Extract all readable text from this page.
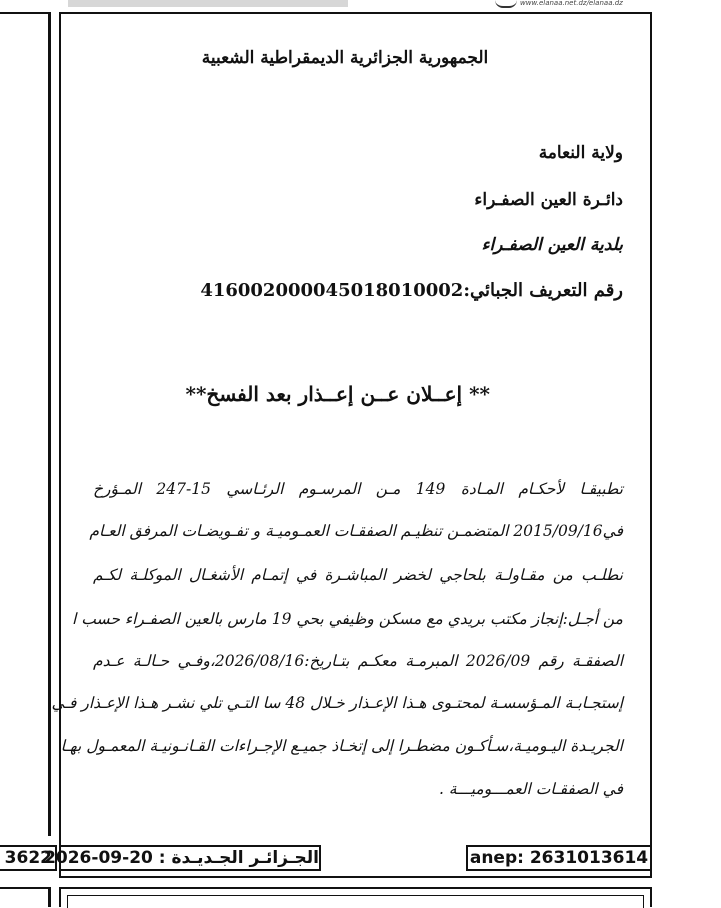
www.elanaa.net.dz/elanaa.dz
الجمهورية الجزائرية الديمقراطية الشعبية
ولاية النعامة
دائـرة العين الصفـراء
بلدية العين الصفـراء
رقم التعريف الجبائي:416002000045018010002
** إعــلان عــن إعــذار بعد الفسخ**
تطبيقـا لأحكـام المـادة 149 مـن المرسـوم الرئـاسي 15-247 المـؤرخ
في2015/09/16 المتضمـن تنظيـم الصفقـات العمـوميـة و تفـويضـات المرفق العـام
نطلـب من مقـاولـة بلحاجي لخضر المباشـرة في إتمـام الأشغـال الموكلـة لكـم
من أجـل:إنجاز مكتب بريدي مع مسكن وظيفي بحي 19 مارس بالعين الصفـراء حسب ا
الصفقـة رقم 2026/09 المبرمـة معكـم بتـاريخ:2026/08/16،وفـي حـالـة عـدم
إستجـابـة المـؤسسـة لمحتـوى هـذا الإعـذار خـلال 48 سا التـي تلي نشـر هـذا الإعـذار فـي
الجريـدة اليـوميـة،سـأكـون مضطـرا إلى إتخـاذ جميـع الإجـراءات القـانـونيـة المعمـول بهـا
في الصفقـات العمـــوميـــة .
3622
الجـزائـر الجـديـدة : 20-09-2026	anep: 2631013614
